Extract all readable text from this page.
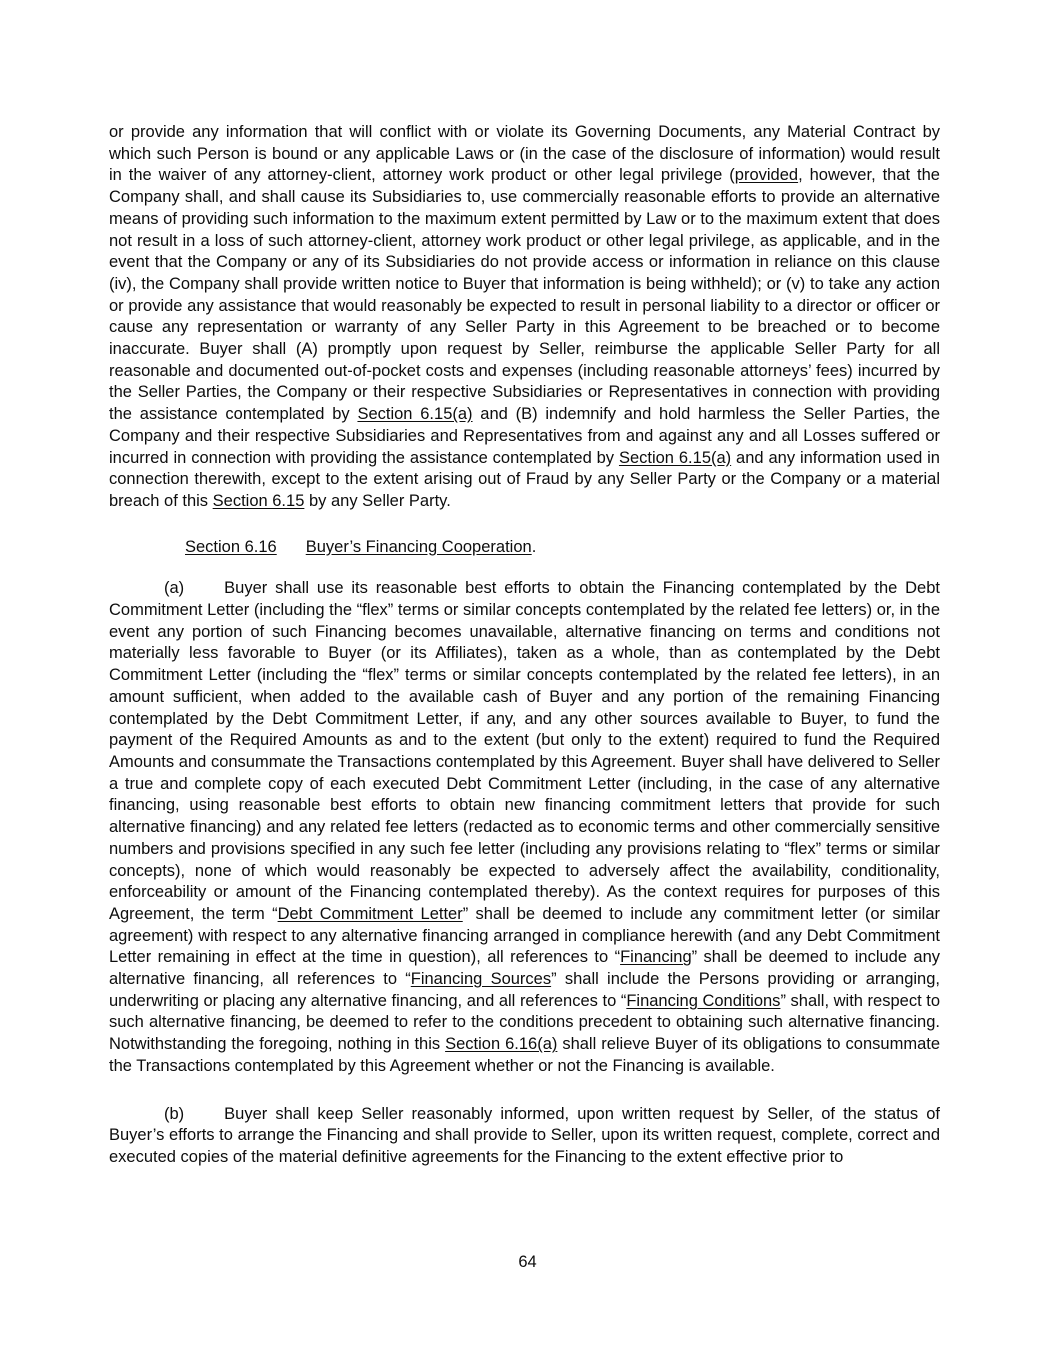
or provide any information that will conflict with or violate its Governing Documents, any Material Contract by which such Person is bound or any applicable Laws or (in the case of the disclosure of information) would result in the waiver of any attorney-client, attorney work product or other legal privilege (provided, however, that the Company shall, and shall cause its Subsidiaries to, use commercially reasonable efforts to provide an alternative means of providing such information to the maximum extent permitted by Law or to the maximum extent that does not result in a loss of such attorney-client, attorney work product or other legal privilege, as applicable, and in the event that the Company or any of its Subsidiaries do not provide access or information in reliance on this clause (iv), the Company shall provide written notice to Buyer that information is being withheld); or (v) to take any action or provide any assistance that would reasonably be expected to result in personal liability to a director or officer or cause any representation or warranty of any Seller Party in this Agreement to be breached or to become inaccurate. Buyer shall (A) promptly upon request by Seller, reimburse the applicable Seller Party for all reasonable and documented out-of-pocket costs and expenses (including reasonable attorneys’ fees) incurred by the Seller Parties, the Company or their respective Subsidiaries or Representatives in connection with providing the assistance contemplated by Section 6.15(a) and (B) indemnify and hold harmless the Seller Parties, the Company and their respective Subsidiaries and Representatives from and against any and all Losses suffered or incurred in connection with providing the assistance contemplated by Section 6.15(a) and any information used in connection therewith, except to the extent arising out of Fraud by any Seller Party or the Company or a material breach of this Section 6.15 by any Seller Party.

Section 6.16 Buyer’s Financing Cooperation.

(a) Buyer shall use its reasonable best efforts to obtain the Financing contemplated by the Debt Commitment Letter (including the “flex” terms or similar concepts contemplated by the related fee letters) or, in the event any portion of such Financing becomes unavailable, alternative financing on terms and conditions not materially less favorable to Buyer (or its Affiliates), taken as a whole, than as contemplated by the Debt Commitment Letter (including the “flex” terms or similar concepts contemplated by the related fee letters), in an amount sufficient, when added to the available cash of Buyer and any portion of the remaining Financing contemplated by the Debt Commitment Letter, if any, and any other sources available to Buyer, to fund the payment of the Required Amounts as and to the extent (but only to the extent) required to fund the Required Amounts and consummate the Transactions contemplated by this Agreement. Buyer shall have delivered to Seller a true and complete copy of each executed Debt Commitment Letter (including, in the case of any alternative financing, using reasonable best efforts to obtain new financing commitment letters that provide for such alternative financing) and any related fee letters (redacted as to economic terms and other commercially sensitive numbers and provisions specified in any such fee letter (including any provisions relating to “flex” terms or similar concepts), none of which would reasonably be expected to adversely affect the availability, conditionality, enforceability or amount of the Financing contemplated thereby). As the context requires for purposes of this Agreement, the term “Debt Commitment Letter” shall be deemed to include any commitment letter (or similar agreement) with respect to any alternative financing arranged in compliance herewith (and any Debt Commitment Letter remaining in effect at the time in question), all references to “Financing” shall be deemed to include any alternative financing, all references to “Financing Sources” shall include the Persons providing or arranging, underwriting or placing any alternative financing, and all references to “Financing Conditions” shall, with respect to such alternative financing, be deemed to refer to the conditions precedent to obtaining such alternative financing. Notwithstanding the foregoing, nothing in this Section 6.16(a) shall relieve Buyer of its obligations to consummate the Transactions contemplated by this Agreement whether or not the Financing is available.

(b) Buyer shall keep Seller reasonably informed, upon written request by Seller, of the status of Buyer’s efforts to arrange the Financing and shall provide to Seller, upon its written request, complete, correct and executed copies of the material definitive agreements for the Financing to the extent effective prior to

64
